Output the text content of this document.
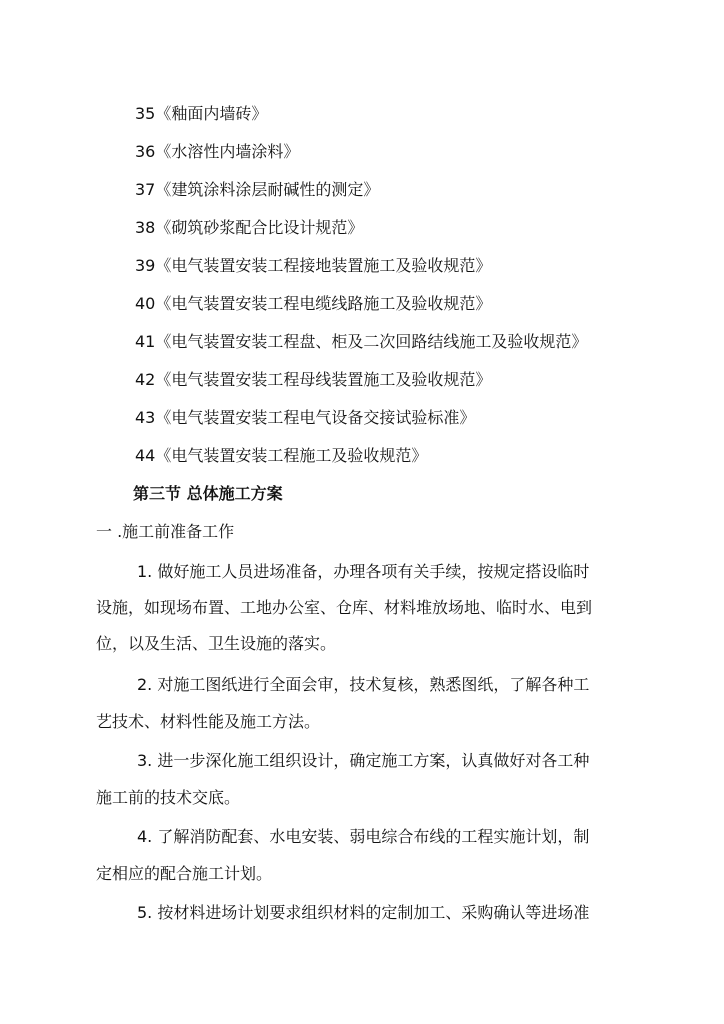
35《釉面内墙砖》
36《水溶性内墙涂料》
37《建筑涂料涂层耐碱性的测定》
38《砌筑砂浆配合比设计规范》
39《电气装置安装工程接地装置施工及验收规范》
40《电气装置安装工程电缆线路施工及验收规范》
41《电气装置安装工程盘、柜及二次回路结线施工及验收规范》
42《电气装置安装工程母线装置施工及验收规范》
43《电气装置安装工程电气设备交接试验标准》
44《电气装置安装工程施工及验收规范》
第三节 总体施工方案
一 .施工前准备工作
1. 做好施工人员进场准备，办理各项有关手续，按规定搭设临时
设施，如现场布置、工地办公室、仓库、材料堆放场地、临时水、电到
位，以及生活、卫生设施的落实。
2. 对施工图纸进行全面会审，技术复核，熟悉图纸，了解各种工
艺技术、材料性能及施工方法。
3. 进一步深化施工组织设计，确定施工方案，认真做好对各工种
施工前的技术交底。
4. 了解消防配套、水电安装、弱电综合布线的工程实施计划，制
定相应的配合施工计划。
5. 按材料进场计划要求组织材料的定制加工、采购确认等进场准
